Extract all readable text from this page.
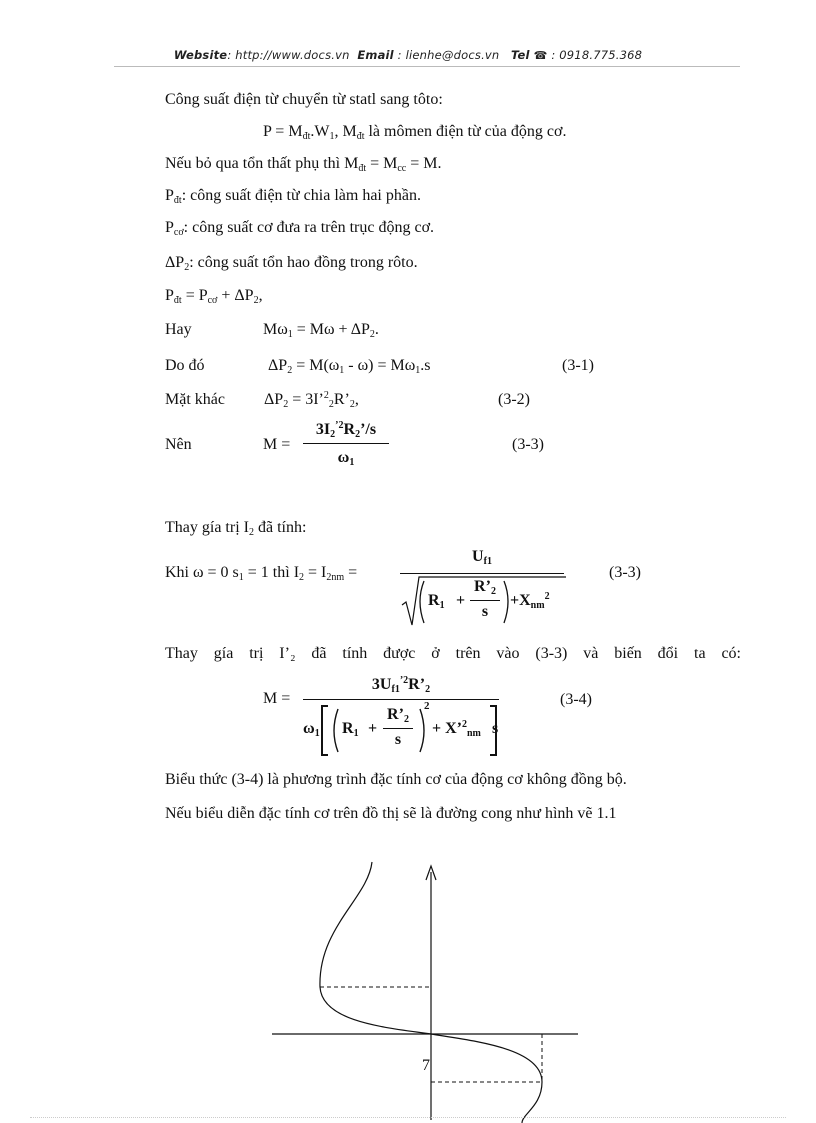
Website: http://www.docs.vn Email : lienhe@docs.vn Tel ☎ : 0918.775.368
Công suất điện từ chuyển từ statl sang tôto:
$P = M_{đt}.W_1$, $M_{đt}$ là mômen điện từ của động cơ.
Nếu bỏ qua tổn thất phụ thì $M_{đt} = M_{cc} = M$.
$P_{đt}$: công suất điện từ chia làm hai phần.
$P_{cơ}$: công suất cơ đưa ra trên trục động cơ.
$\Delta P_2$: công suất tổn hao đồng trong rôto.
$P_{đt} = P_{cơ} + \Delta P_2$,
Hay	$M\omega_1 = M\omega + \Delta P_2$.
Do đó	$\Delta P_2 = M(\omega_1 - \omega) = M\omega_1.s$	(3-1)
Mặt khác $\Delta P_2$ = $3I’^2_2R’_2$,	(3-2)
Nên	M =
$3I_2^{’2}R_2’/s$
$\omega_1$
(3-3)
Thay gía trị $I_2$ đã tính:
Khi ω = 0 $s_1 = 1$ thì $I_2 = I_{2nm}$ =
$U_{f1}$
$R_1$ +
$R’_2$
s
$+X_{nm}^2$
(3-3)
Thay gía trị I’₂ đã tính được ở trên vào (3-3) và biến đổi ta có:
M =
$3U_{f1}^{’2}R’_2$
$\omega_1$ $R_1$ +
$R’_2$
s
2
+ X’$^2_{nm}$ s
(3-4)
Biểu thức (3-4) là phương trình đặc tính cơ của động cơ không đồng bộ.
Nếu biểu diễn đặc tính cơ trên đồ thị sẽ là đường cong như hình vẽ 1.1
7
